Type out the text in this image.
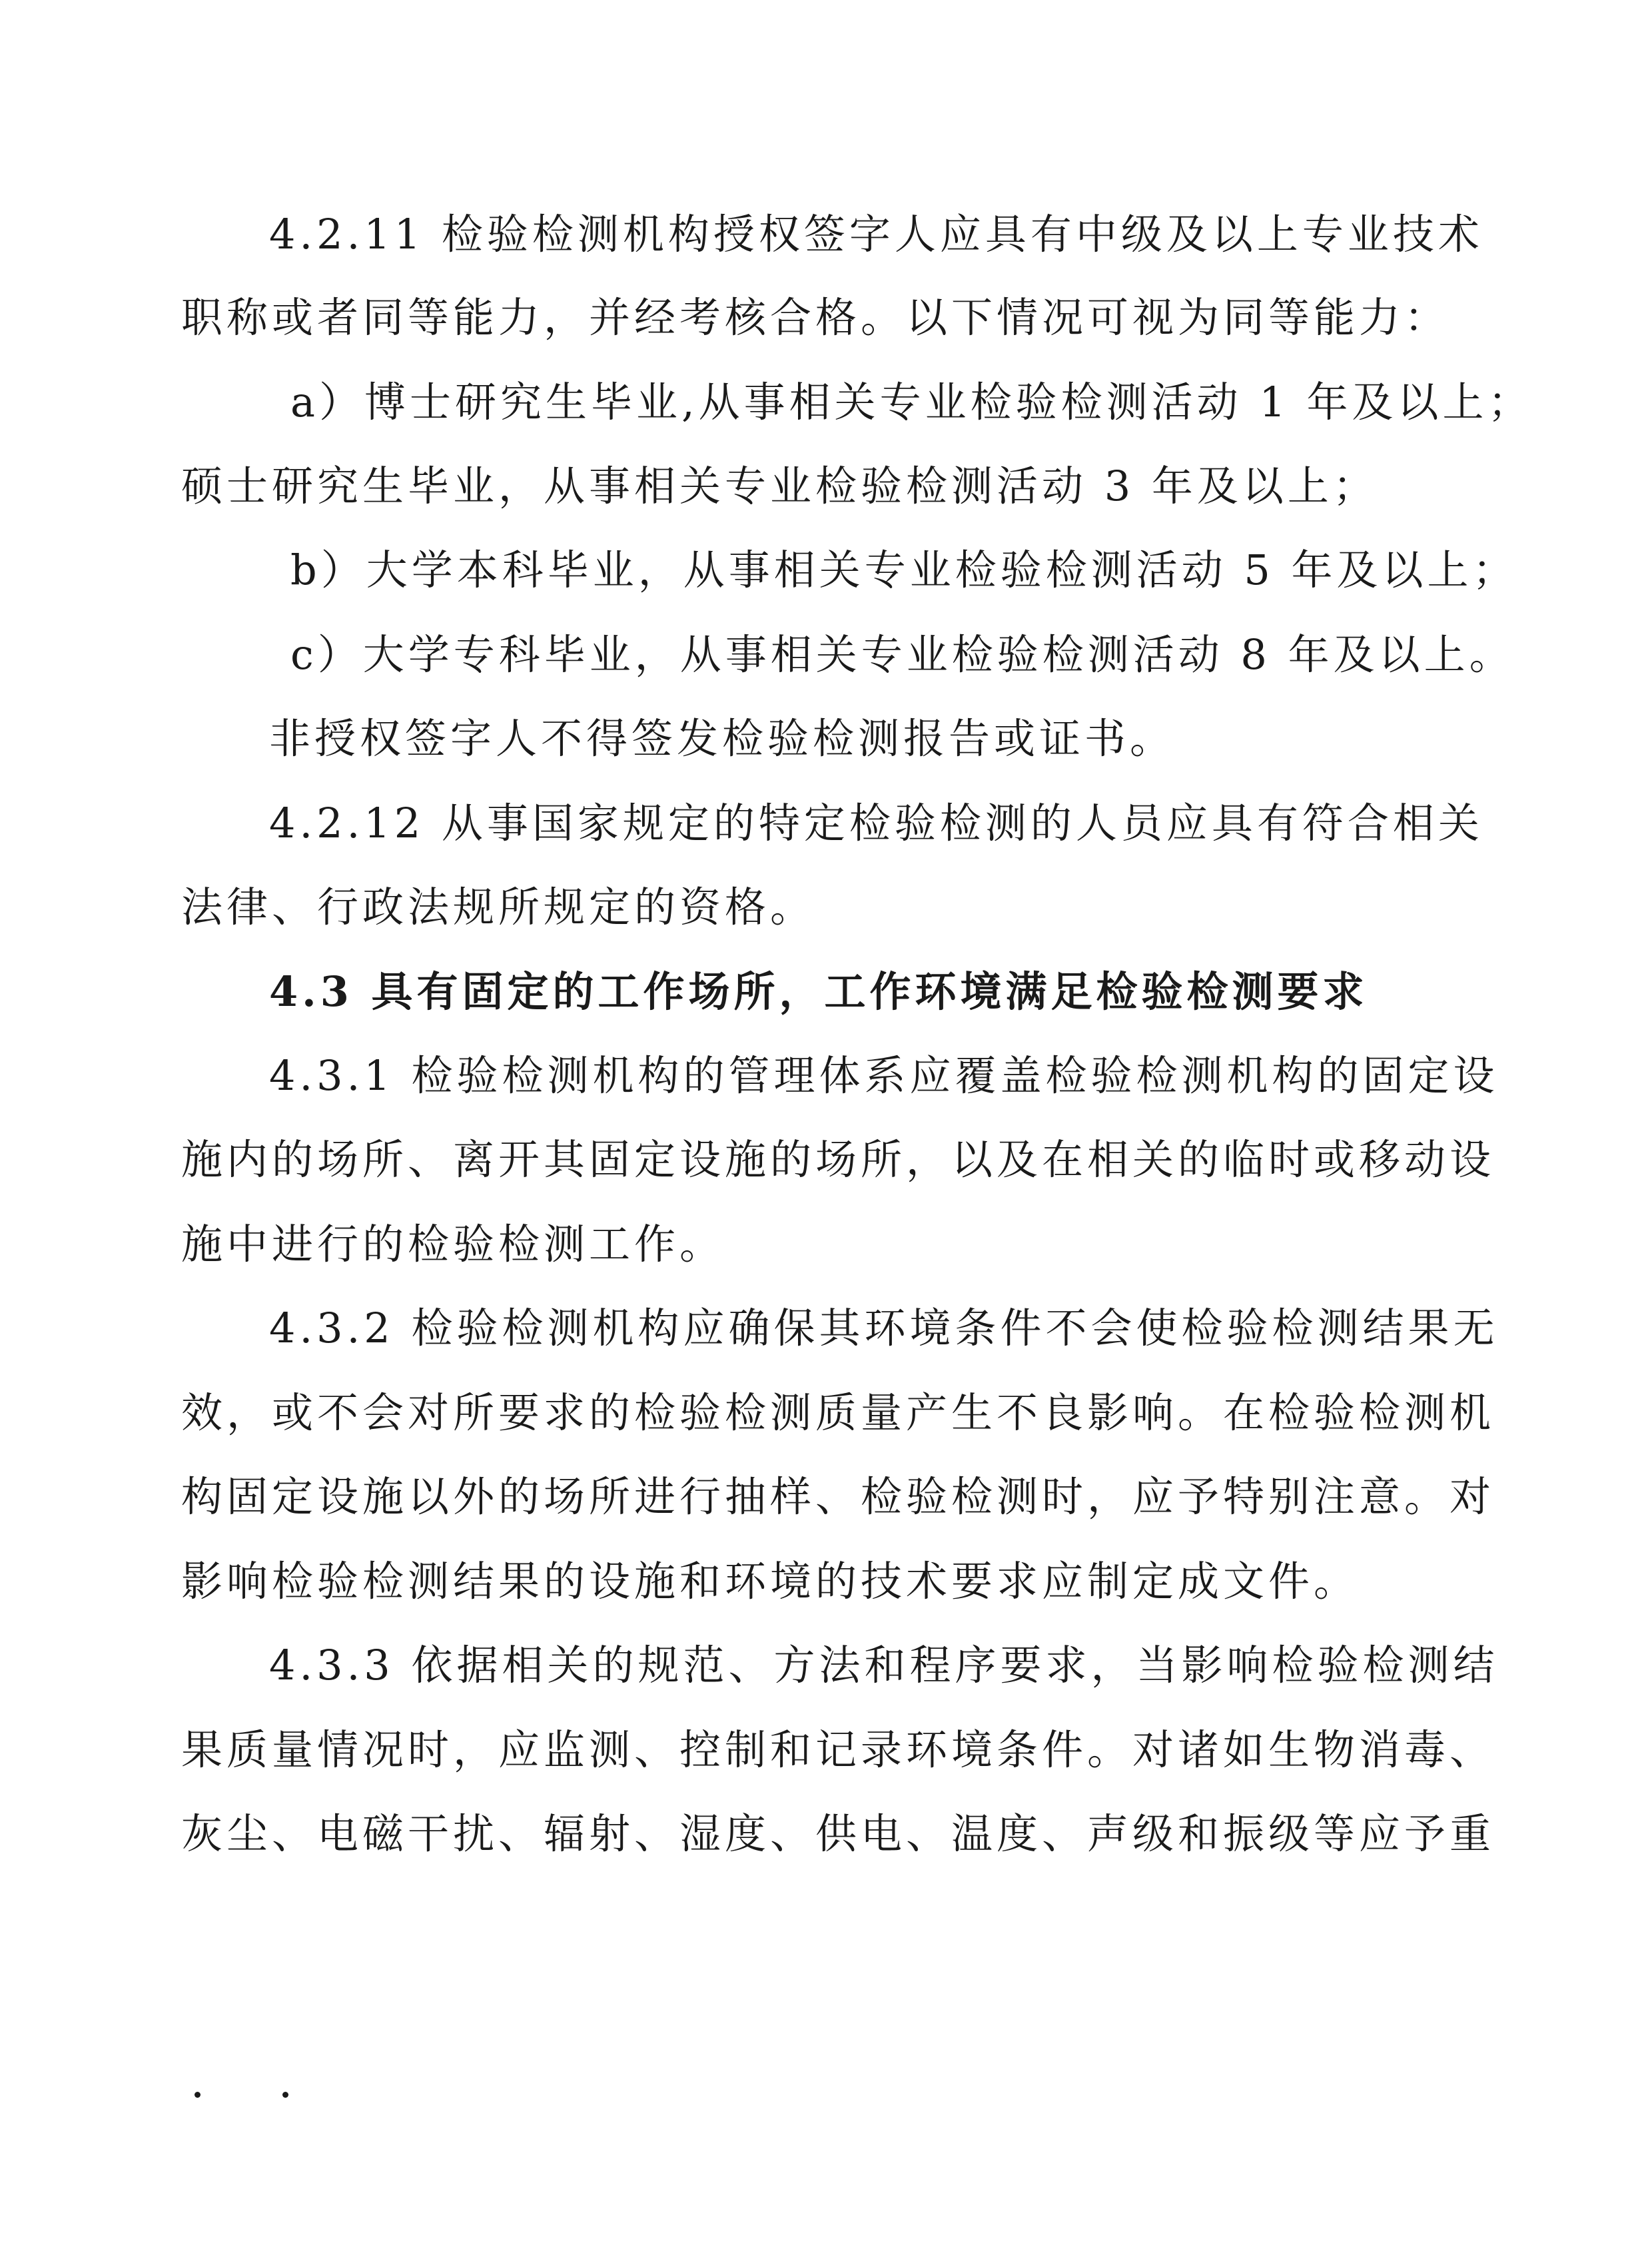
4.2.11 检验检测机构授权签字人应具有中级及以上专业技术
职称或者同等能力，并经考核合格。以下情况可视为同等能力：
a）博士研究生毕业,从事相关专业检验检测活动 1 年及以上；
硕士研究生毕业，从事相关专业检验检测活动 3 年及以上；
b）大学本科毕业，从事相关专业检验检测活动 5 年及以上；
c）大学专科毕业，从事相关专业检验检测活动 8 年及以上。
非授权签字人不得签发检验检测报告或证书。
4.2.12 从事国家规定的特定检验检测的人员应具有符合相关
法律、行政法规所规定的资格。
4.3 具有固定的工作场所，工作环境满足检验检测要求
4.3.1 检验检测机构的管理体系应覆盖检验检测机构的固定设
施内的场所、离开其固定设施的场所，以及在相关的临时或移动设
施中进行的检验检测工作。
4.3.2 检验检测机构应确保其环境条件不会使检验检测结果无
效，或不会对所要求的检验检测质量产生不良影响。在检验检测机
构固定设施以外的场所进行抽样、检验检测时，应予特别注意。对
影响检验检测结果的设施和环境的技术要求应制定成文件。
4.3.3 依据相关的规范、方法和程序要求，当影响检验检测结
果质量情况时，应监测、控制和记录环境条件。对诸如生物消毒、
灰尘、电磁干扰、辐射、湿度、供电、温度、声级和振级等应予重
